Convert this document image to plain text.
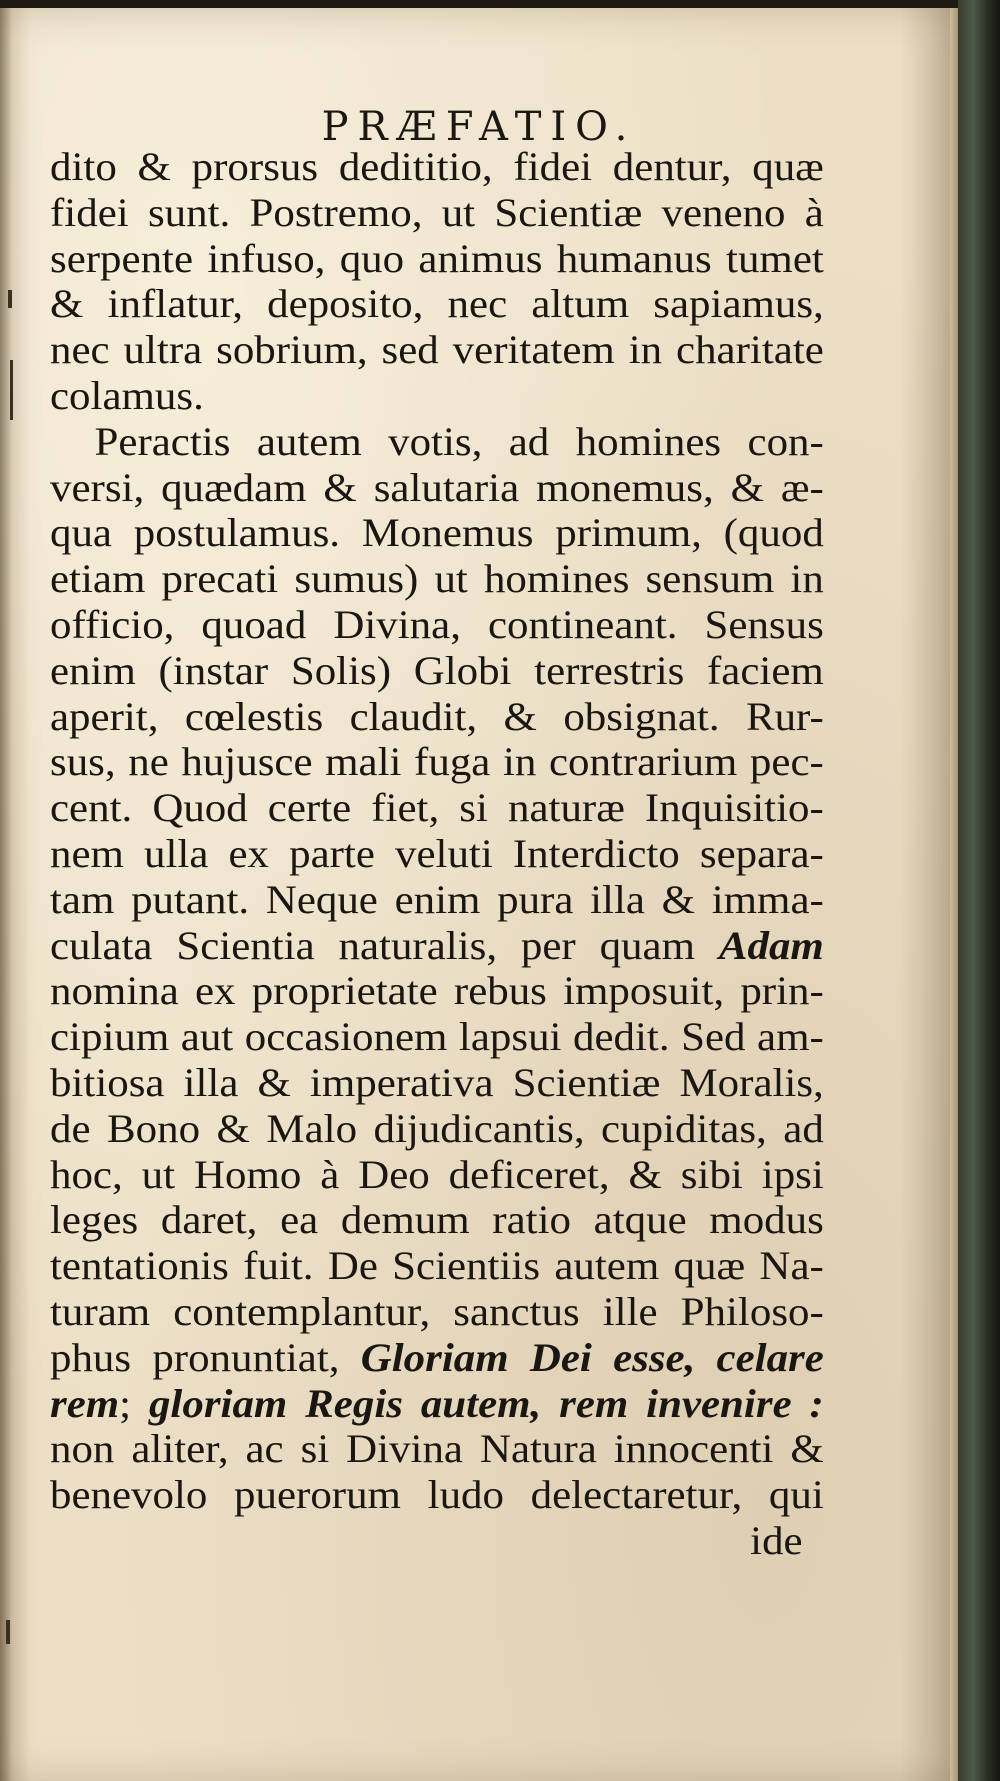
PRÆFATIO.
dito & prorsus dedititio, fidei dentur, quæ
fidei sunt. Postremo, ut Scientiæ veneno à
serpente infuso, quo animus humanus tumet
& inflatur, deposito, nec altum sapiamus,
nec ultra sobrium, sed veritatem in charitate
colamus.
Peractis autem votis, ad homines con-
versi, quædam & salutaria monemus, & æ-
qua postulamus. Monemus primum, (quod
etiam precati sumus) ut homines sensum in
officio, quoad Divina, contineant. Sensus
enim (instar Solis) Globi terrestris faciem
aperit, cœlestis claudit, & obsignat. Rur-
sus, ne hujusce mali fuga in contrarium pec-
cent. Quod certe fiet, si naturæ Inquisitio-
nem ulla ex parte veluti Interdicto separa-
tam putant. Neque enim pura illa & imma-
culata Scientia naturalis, per quam Adam
nomina ex proprietate rebus imposuit, prin-
cipium aut occasionem lapsui dedit. Sed am-
bitiosa illa & imperativa Scientiæ Moralis,
de Bono & Malo dijudicantis, cupiditas, ad
hoc, ut Homo à Deo deficeret, & sibi ipsi
leges daret, ea demum ratio atque modus
tentationis fuit. De Scientiis autem quæ Na-
turam contemplantur, sanctus ille Philoso-
phus pronuntiat, Gloriam Dei esse, celare
rem; gloriam Regis autem, rem invenire :
non aliter, ac si Divina Natura innocenti &
benevolo puerorum ludo delectaretur, qui
ide
